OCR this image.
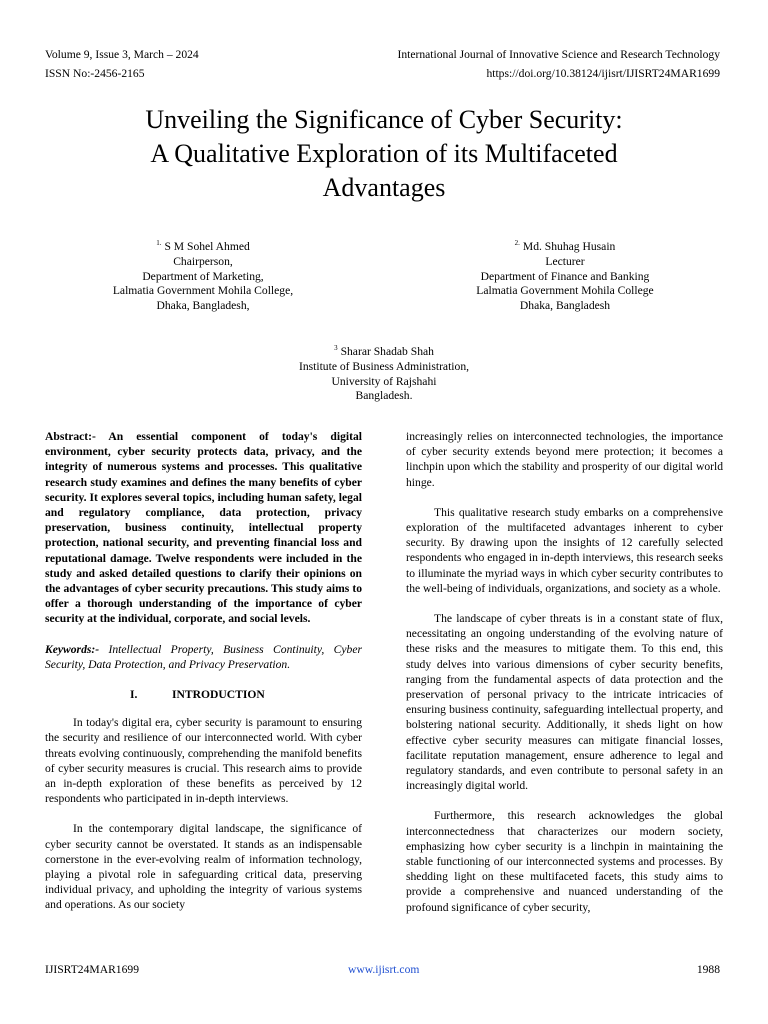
Volume 9, Issue 3, March – 2024
ISSN No:-2456-2165
International Journal of Innovative Science and Research Technology
https://doi.org/10.38124/ijisrt/IJISRT24MAR1699
Unveiling the Significance of Cyber Security:
A Qualitative Exploration of its Multifaceted
Advantages
$^{1.}$ S M Sohel Ahmed
Chairperson,
Department of Marketing,
Lalmatia Government Mohila College,
Dhaka, Bangladesh,
$^{2.}$ Md. Shuhag Husain
Lecturer
Department of Finance and Banking
Lalmatia Government Mohila College
Dhaka, Bangladesh
$^3$ Sharar Shadab Shah
Institute of Business Administration,
University of Rajshahi
Bangladesh.

Abstract:- An essential component of today's digital environment, cyber security protects data, privacy, and the integrity of numerous systems and processes. This qualitative research study examines and defines the many benefits of cyber security. It explores several topics, including human safety, legal and regulatory compliance, data protection, privacy preservation, business continuity, intellectual property protection, national security, and preventing financial loss and reputational damage. Twelve respondents were included in the study and asked detailed questions to clarify their opinions on the advantages of cyber security precautions. This study aims to offer a thorough understanding of the importance of cyber security at the individual, corporate, and social levels.

Keywords:- Intellectual Property, Business Continuity, Cyber Security, Data Protection, and Privacy Preservation.

I.	INTRODUCTION

In today's digital era, cyber security is paramount to ensuring the security and resilience of our interconnected world. With cyber threats evolving continuously, comprehending the manifold benefits of cyber security measures is crucial. This research aims to provide an in-depth exploration of these benefits as perceived by 12 respondents who participated in in-depth interviews.

In the contemporary digital landscape, the significance of cyber security cannot be overstated. It stands as an indispensable cornerstone in the ever-evolving realm of information technology, playing a pivotal role in safeguarding critical data, preserving individual privacy, and upholding the integrity of various systems and operations. As our society

increasingly relies on interconnected technologies, the importance of cyber security extends beyond mere protection; it becomes a linchpin upon which the stability and prosperity of our digital world hinge.

This qualitative research study embarks on a comprehensive exploration of the multifaceted advantages inherent to cyber security. By drawing upon the insights of 12 carefully selected respondents who engaged in in-depth interviews, this research seeks to illuminate the myriad ways in which cyber security contributes to the well-being of individuals, organizations, and society as a whole.

The landscape of cyber threats is in a constant state of flux, necessitating an ongoing understanding of the evolving nature of these risks and the measures to mitigate them. To this end, this study delves into various dimensions of cyber security benefits, ranging from the fundamental aspects of data protection and the preservation of personal privacy to the intricate intricacies of ensuring business continuity, safeguarding intellectual property, and bolstering national security. Additionally, it sheds light on how effective cyber security measures can mitigate financial losses, facilitate reputation management, ensure adherence to legal and regulatory standards, and even contribute to personal safety in an increasingly digital world.

Furthermore, this research acknowledges the global interconnectedness that characterizes our modern society, emphasizing how cyber security is a linchpin in maintaining the stable functioning of our interconnected systems and processes. By shedding light on these multifaceted facets, this study aims to provide a comprehensive and nuanced understanding of the profound significance of cyber security,

IJISRT24MAR1699	www.ijisrt.com	1988
